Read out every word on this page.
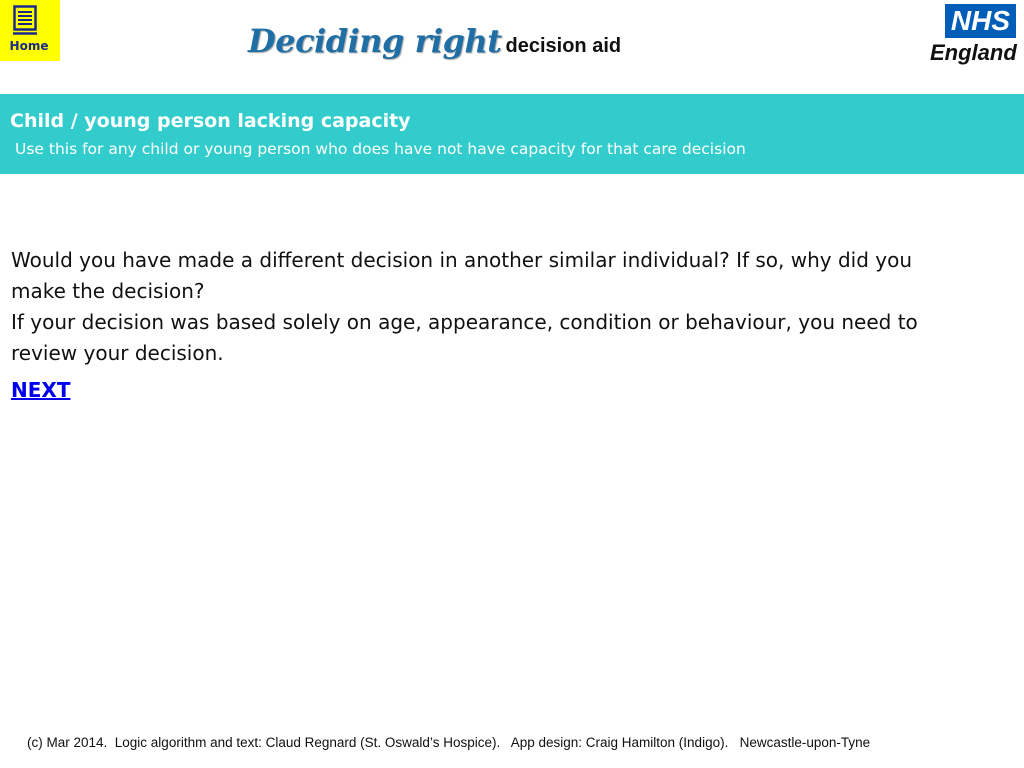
Home	Deciding right decision aid
NHS
England
Child / young person lacking capacity
Use this for any child or young person who does have not have capacity for that care decision

Would you have made a different decision in another similar individual? If so, why did you make the decision?

If your decision was based solely on age, appearance, condition or behaviour, you need to review your decision.

NEXT
(c) Mar 2014.  Logic algorithm and text: Claud Regnard (St. Oswald’s Hospice).   App design: Craig Hamilton (Indigo).   Newcastle-upon-Tyne
